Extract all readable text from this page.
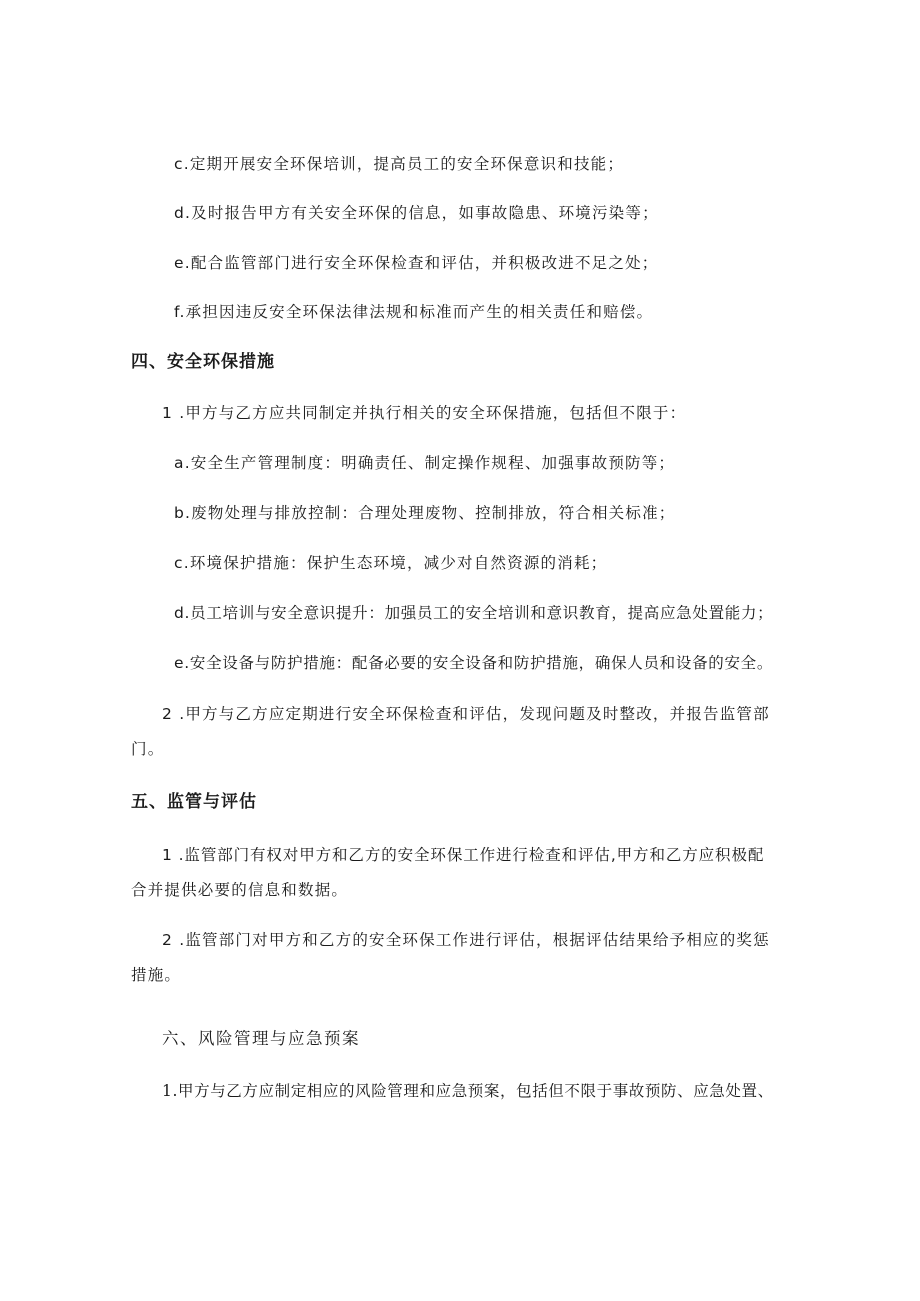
c.定期开展安全环保培训，提高员工的安全环保意识和技能；
d.及时报告甲方有关安全环保的信息，如事故隐患、环境污染等；
e.配合监管部门进行安全环保检查和评估，并积极改进不足之处；
f.承担因违反安全环保法律法规和标准而产生的相关责任和赔偿。
四、安全环保措施
1 .甲方与乙方应共同制定并执行相关的安全环保措施，包括但不限于：
a.安全生产管理制度：明确责任、制定操作规程、加强事故预防等；
b.废物处理与排放控制：合理处理废物、控制排放，符合相关标准；
c.环境保护措施：保护生态环境，减少对自然资源的消耗；
d.员工培训与安全意识提升：加强员工的安全培训和意识教育，提高应急处置能力；
e.安全设备与防护措施：配备必要的安全设备和防护措施，确保人员和设备的安全。
2 .甲方与乙方应定期进行安全环保检查和评估，发现问题及时整改，并报告监管部
门。
五、监管与评估
1 .监管部门有权对甲方和乙方的安全环保工作进行检查和评估,甲方和乙方应积极配
合并提供必要的信息和数据。
2 .监管部门对甲方和乙方的安全环保工作进行评估，根据评估结果给予相应的奖惩
措施。
六、风险管理与应急预案
1.甲方与乙方应制定相应的风险管理和应急预案，包括但不限于事故预防、应急处置、
